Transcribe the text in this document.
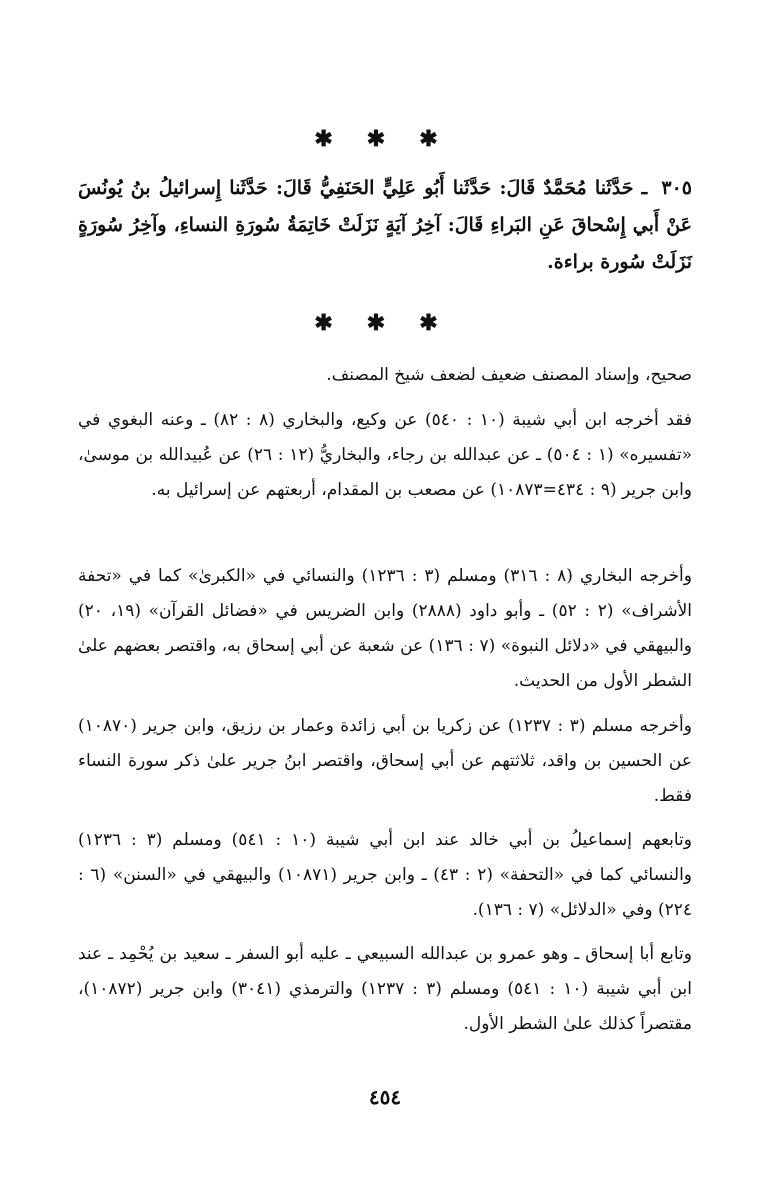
✱ ✱ ✱
٣٠٥ ـ حَدَّثَنا مُحَمَّدٌ قَالَ: حَدَّثَنا أَبُو عَلِيٍّ الحَنَفِيُّ قَالَ: حَدَّثَنا إِسرائيلُ بنُ يُونُسَ عَنْ أَبي إِسْحاقَ عَنِ البَراءِ قَالَ: آخِرُ آيَةٍ نَزَلَتْ خَاتِمَةُ سُورَةِ النساءِ، وآخِرُ سُورَةٍ نَزَلَتْ سُورة براءة.
✱ ✱ ✱
صحيح، وإسناد المصنف ضعيف لضعف شيخ المصنف.
فقد أخرجه ابن أبي شيبة (١٠ : ٥٤٠) عن وكيع، والبخاري (٨ : ٨٢) ـ وعنه البغوي في «تفسيره» (١ : ٥٠٤) ـ عن عبدالله بن رجاء، والبخاريُّ (١٢ : ٢٦) عن عُبيدالله بن موسىٰ، وابن جرير (٩ : ٤٣٤=١٠٨٧٣) عن مصعب بن المقدام، أربعتهم عن إسرائيل به.
وأخرجه البخاري (٨ : ٣١٦) ومسلم (٣ : ١٢٣٦) والنسائي في «الكبرىٰ» كما في «تحفة الأشراف» (٢ : ٥٢) ـ وأبو داود (٢٨٨٨) وابن الضريس في «فضائل القرآن» (١٩، ٢٠) والبيهقي في «دلائل النبوة» (٧ : ١٣٦) عن شعبة عن أبي إسحاق به، واقتصر بعضهم علىٰ الشطر الأول من الحديث.
وأخرجه مسلم (٣ : ١٢٣٧) عن زكريا بن أبي زائدة وعمار بن رزيق، وابن جرير (١٠٨٧٠) عن الحسين بن واقد، ثلاثتهم عن أبي إسحاق، واقتصر ابنُ جرير علىٰ ذكر سورة النساء فقط.
وتابعهم إسماعيلُ بن أبي خالد عند ابن أبي شيبة (١٠ : ٥٤١) ومسلم (٣ : ١٢٣٦) والنسائي كما في «التحفة» (٢ : ٤٣) ـ وابن جرير (١٠٨٧١) والبيهقي في «السنن» (٦ : ٢٢٤) وفي «الدلائل» (٧ : ١٣٦).
وتابع أبا إسحاق ـ وهو عمرو بن عبدالله السبيعي ـ عليه أبو السفر ـ سعيد بن يُحْمِد ـ عند ابن أبي شيبة (١٠ : ٥٤١) ومسلم (٣ : ١٢٣٧) والترمذي (٣٠٤١) وابن جرير (١٠٨٧٢)، مقتصراً كذلك علىٰ الشطر الأول.
٤٥٤
